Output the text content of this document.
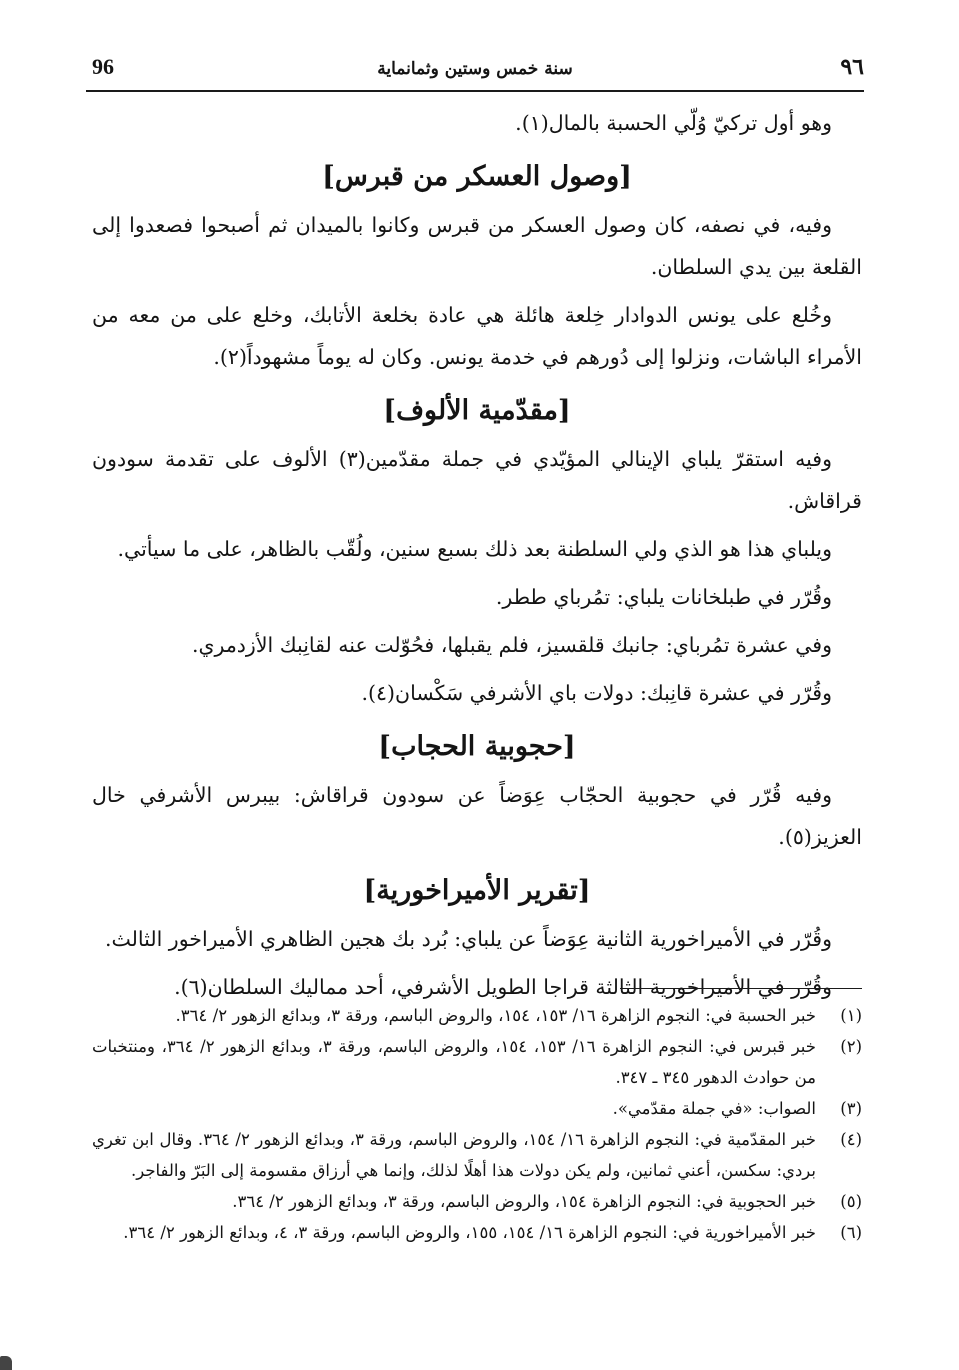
٩٦
سنة خمس وستين وثمانماية
96

وهو أول تركيّ وُلّي الحسبة بالمال(١).

[وصول العسكر من قبرس]

وفيه، في نصفه، كان وصول العسكر من قبرس وكانوا بالميدان ثم أصبحوا فصعدوا إلى القلعة بين يدي السلطان.

وخُلع على يونس الدوادار خِلعة هائلة هي عادة بخلعة الأتابك، وخلع على من معه من الأمراء الباشات، ونزلوا إلى دُورهم في خدمة يونس. وكان له يوماً مشهوداً(٢).

[مقدّمية الألوف]

وفيه استقرّ يلباي الإينالي المؤيّدي في جملة مقدّمين(٣) الألوف على تقدمة سودون قراقاش.

ويلباي هذا هو الذي ولي السلطنة بعد ذلك بسبع سنين، ولُقّب بالظاهر، على ما سيأتي.

وقُرّر في طبلخانات يلباي: تمُرباي ططر.

وفي عشرة تمُرباي: جانبك قلقسيز، فلم يقبلها، فحُوّلت عنه لقانِبك الأزدمري.

وقُرّر في عشرة قانِبك: دولات باي الأشرفي سَكْسان(٤).

[حجوبية الحجاب]

وفيه قُرّر في حجوبية الحجّاب عِوَضاً عن سودون قراقاش: بيبرس الأشرفي خال العزيز(٥).

[تقرير الأميراخورية]

وقُرّر في الأميراخورية الثانية عِوَضاً عن يلباي: بُرد بك هجين الظاهري الأميراخور الثالث.

وقُرّر في الأميراخورية الثالثة قراجا الطويل الأشرفي، أحد مماليك السلطان(٦).

(١)
خبر الحسبة في: النجوم الزاهرة ١٦/ ١٥٣، ١٥٤، والروض الباسم، ورقة ٣، وبدائع الزهور ٢/ ٣٦٤.
(٢)
خبر قبرس في: النجوم الزاهرة ١٦/ ١٥٣، ١٥٤، والروض الباسم، ورقة ٣، وبدائع الزهور ٢/ ٣٦٤، ومنتخبات من حوادث الدهور ٣٤٥ ـ ٣٤٧.
(٣)
الصواب: «في جملة مقدّمي».
(٤)
خبر المقدّمية في: النجوم الزاهرة ١٦/ ١٥٤، والروض الباسم، ورقة ٣، وبدائع الزهور ٢/ ٣٦٤. وقال ابن تغري بردي: سكسن، أعني ثمانين، ولم يكن دولات هذا أهلًا لذلك، وإنما هي أرزاق مقسومة إلى البَرّ والفاجر.
(٥)
خبر الحجوبية في: النجوم الزاهرة ١٥٤، والروض الباسم، ورقة ٣، وبدائع الزهور ٢/ ٣٦٤.
(٦)
خبر الأميراخورية في: النجوم الزاهرة ١٦/ ١٥٤، ١٥٥، والروض الباسم، ورقة ٣، ٤، وبدائع الزهور ٢/ ٣٦٤.
